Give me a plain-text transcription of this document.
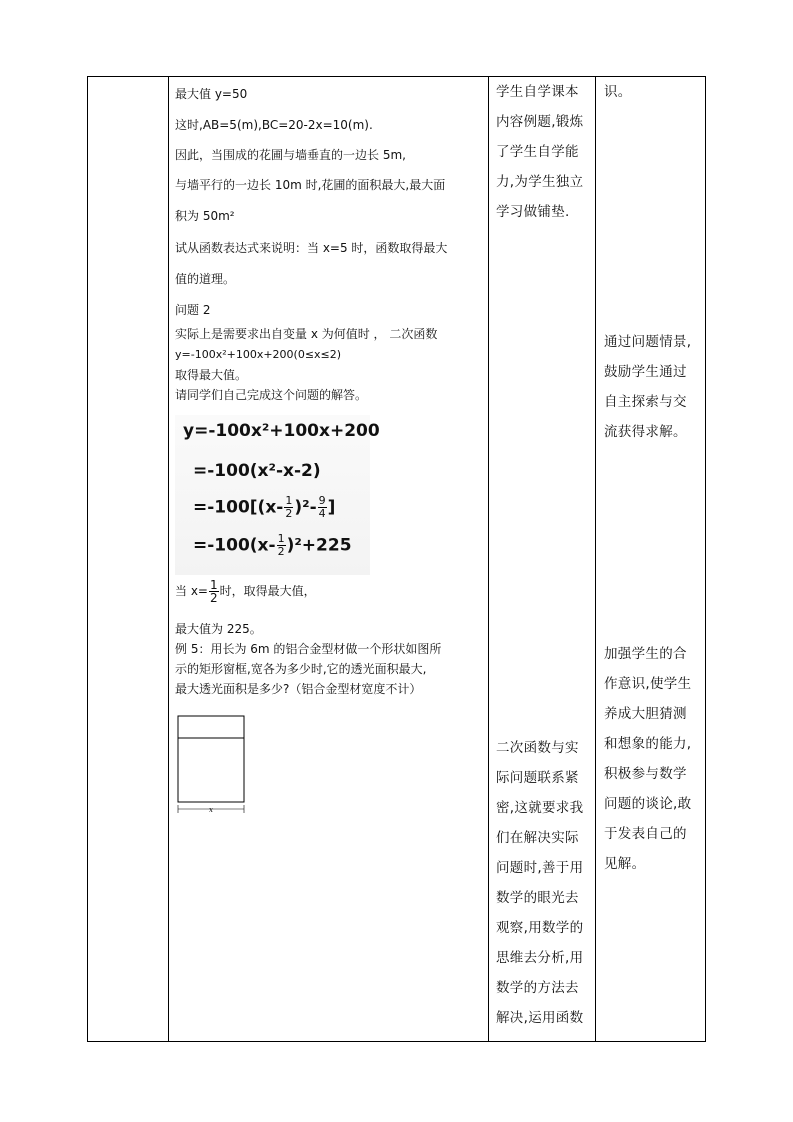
最大值 y=50
这时,AB=5(m),BC=20-2x=10(m).
因此，当围成的花圃与墙垂直的一边长 5m,
与墙平行的一边长 10m 时,花圃的面积最大,最大面
积为 50m²
试从函数表达式来说明：当 x=5 时，函数取得最大
值的道理。
问题 2
实际上是需要求出自变量 x 为何值时 ， 二次函数
y=-100x²+100x+200(0≤x≤2)
取得最大值。
请同学们自己完成这个问题的解答。
y=-100x²+100x+200
=-100(x²-x-2)
$=-100[(x- \frac{1}{2} )^2- \frac{9}{4}$ ]
$=-100(x- \frac{1}{2} )^2+225$
当 $x= \frac{1}{2}$ 时，取得最大值，
最大值为 225。
例 5：用长为 6m 的铝合金型材做一个形状如图所
示的矩形窗框,宽各为多少时,它的透光面积最大,
最大透光面积是多少?（铝合金型材宽度不计）
x
学生自学课本
内容例题,锻炼
了学生自学能
力,为学生独立
学习做铺垫.
二次函数与实
际问题联系紧
密,这就要求我
们在解决实际
问题时,善于用
数学的眼光去
观察,用数学的
思维去分析,用
数学的方法去
解决,运用函数
识。
通过问题情景,
鼓励学生通过
自主探索与交
流获得求解。
加强学生的合
作意识,使学生
养成大胆猜测
和想象的能力,
积极参与数学
问题的谈论,敢
于发表自己的
见解。
